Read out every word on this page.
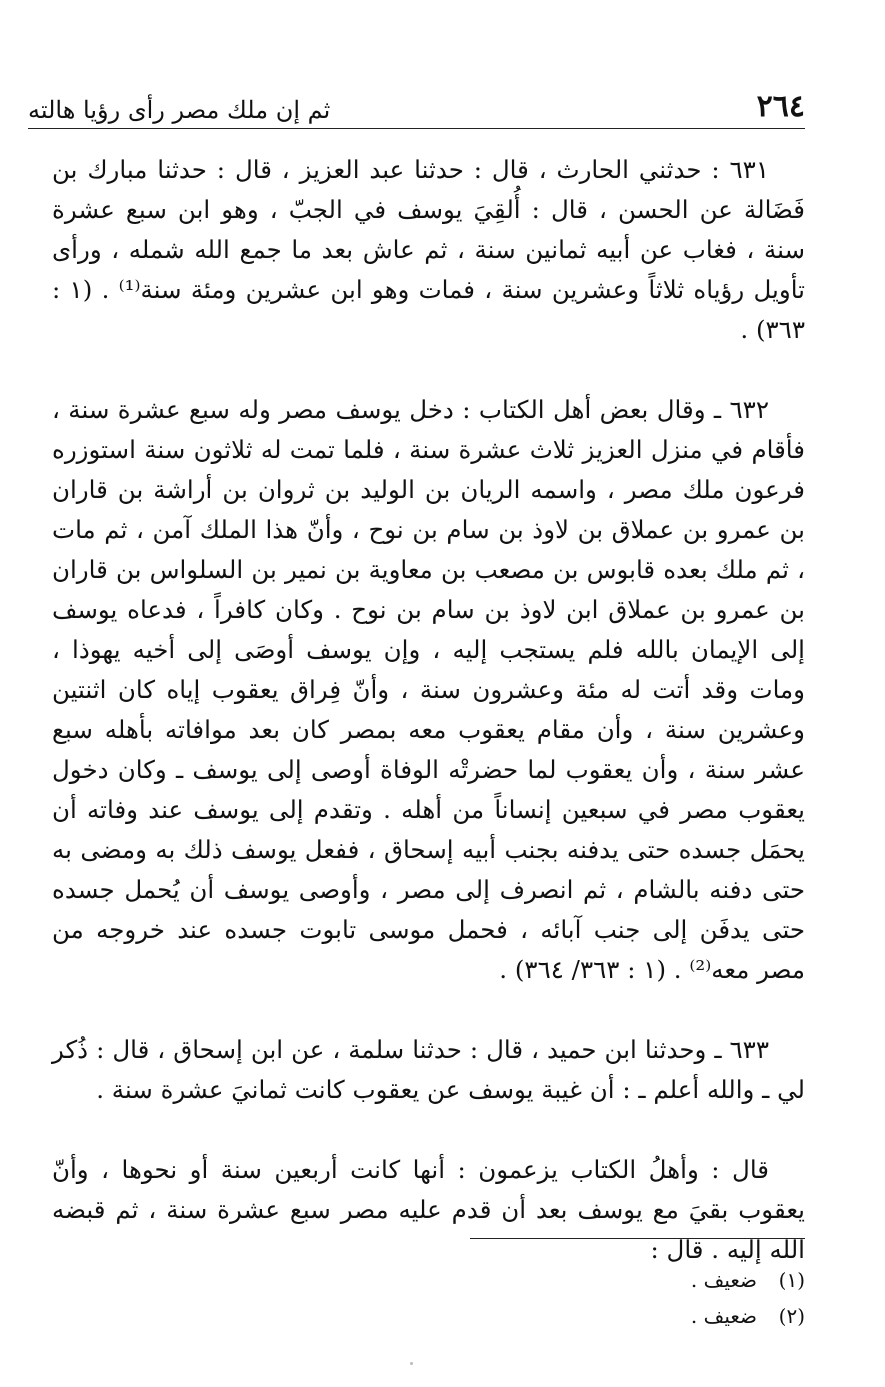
٢٦٤
ثم إن ملك مصر رأى رؤيا هالته

٦٣١ : حدثني الحارث ، قال : حدثنا عبد العزيز ، قال : حدثنا مبارك بن فَضَالة عن الحسن ، قال : أُلقِيَ يوسف في الجبّ ، وهو ابن سبع عشرة سنة ، فغاب عن أبيه ثمانين سنة ، ثم عاش بعد ما جمع الله شمله ، ورأى تأويل رؤياه ثلاثاً وعشرين سنة ، فمات وهو ابن عشرين ومئة سنة⁽¹⁾ . (١ : ٣٦٣) .

٦٣٢ ـ وقال بعض أهل الكتاب : دخل يوسف مصر وله سبع عشرة سنة ، فأقام في منزل العزيز ثلاث عشرة سنة ، فلما تمت له ثلاثون سنة استوزره فرعون ملك مصر ، واسمه الريان بن الوليد بن ثروان بن أراشة بن قاران بن عمرو بن عملاق بن لاوذ بن سام بن نوح ، وأنّ هذا الملك آمن ، ثم مات ، ثم ملك بعده قابوس بن مصعب بن معاوية بن نمير بن السلواس بن قاران بن عمرو بن عملاق ابن لاوذ بن سام بن نوح . وكان كافراً ، فدعاه يوسف إلى الإيمان بالله فلم يستجب إليه ، وإن يوسف أوصَى إلى أخيه يهوذا ، ومات وقد أتت له مئة وعشرون سنة ، وأنّ فِراق يعقوب إياه كان اثنتين وعشرين سنة ، وأن مقام يعقوب معه بمصر كان بعد موافاته بأهله سبع عشر سنة ، وأن يعقوب لما حضرتْه الوفاة أوصى إلى يوسف ـ وكان دخول يعقوب مصر في سبعين إنساناً من أهله . وتقدم إلى يوسف عند وفاته أن يحمَل جسده حتى يدفنه بجنب أبيه إسحاق ، ففعل يوسف ذلك به ومضى به حتى دفنه بالشام ، ثم انصرف إلى مصر ، وأوصى يوسف أن يُحمل جسده حتى يدفَن إلى جنب آبائه ، فحمل موسى تابوت جسده عند خروجه من مصر معه⁽²⁾ . (١ : ٣٦٣/ ٣٦٤) .

٦٣٣ ـ وحدثنا ابن حميد ، قال : حدثنا سلمة ، عن ابن إسحاق ، قال : ذُكر لي ـ والله أعلم ـ : أن غيبة يوسف عن يعقوب كانت ثمانيَ عشرة سنة .

قال : وأهلُ الكتاب يزعمون : أنها كانت أربعين سنة أو نحوها ، وأنّ يعقوب بقيَ مع يوسف بعد أن قدم عليه مصر سبع عشرة سنة ، ثم قبضه الله إليه . قال :

(١)
ضعيف .
(٢)
ضعيف .
